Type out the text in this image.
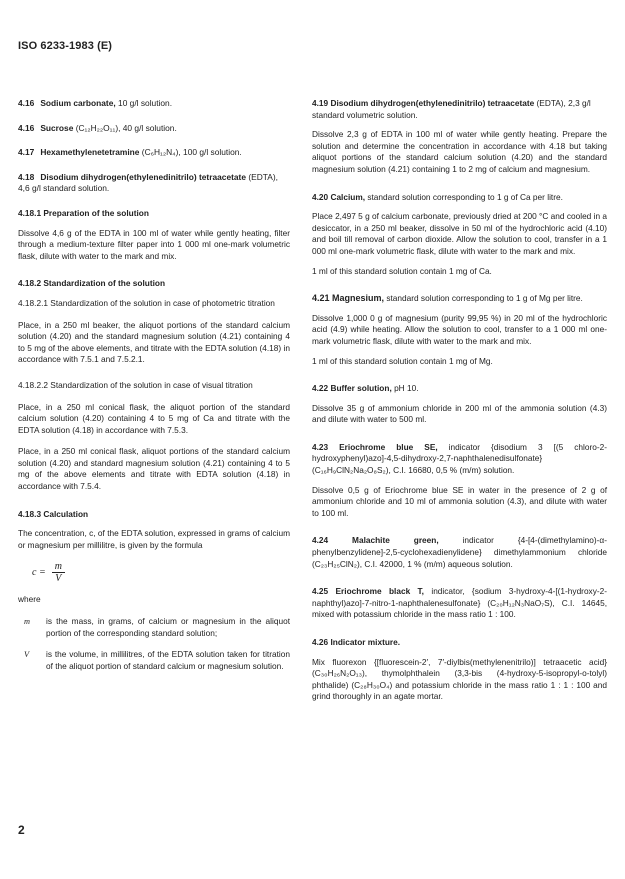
ISO 6233-1983 (E)
4.16 Sodium carbonate, 10 g/l solution.
4.16 Sucrose (C₁₂H₂₂O₁₁), 40 g/l solution.
4.17 Hexamethylenetetramine (C₆H₁₂N₄), 100 g/l solution.
4.18 Disodium dihydrogen(ethylenedinitrilo) tetraacetate (EDTA), 4,6 g/l standard solution.
4.18.1 Preparation of the solution
Dissolve 4,6 g of the EDTA in 100 ml of water while gently heating, filter through a medium-texture filter paper into 1 000 ml one-mark volumetric flask, dilute with water to the mark and mix.
4.18.2 Standardization of the solution
4.18.2.1 Standardization of the solution in case of photometric titration
Place, in a 250 ml beaker, the aliquot portions of the standard calcium solution (4.20) and the standard magnesium solution (4.21) containing 4 to 5 mg of the above elements, and titrate with the EDTA solution (4.18) in accordance with 7.5.1 and 7.5.2.1.
4.18.2.2 Standardization of the solution in case of visual titration
Place, in a 250 ml conical flask, the aliquot portion of the standard calcium solution (4.20) containing 4 to 5 mg of Ca and titrate with the EDTA solution (4.18) in accordance with 7.5.3.
Place, in a 250 ml conical flask, aliquot portions of the standard calcium solution (4.20) and standard magnesium solution (4.21) containing 4 to 5 mg of the above elements and titrate with EDTA solution (4.18) in accordance with 7.5.4.
4.18.3 Calculation
The concentration, c, of the EDTA solution, expressed in grams of calcium or magnesium per millilitre, is given by the formula
$c = \frac{m}{V}$
where
m	is the mass, in grams, of calcium or magnesium in the aliquot portion of the corresponding standard solution;
V	is the volume, in millilitres, of the EDTA solution taken for titration of the aliquot portion of standard calcium or magnesium solution.
4.19 Disodium dihydrogen(ethylenedinitrilo) tetraacetate (EDTA), 2,3 g/l standard volumetric solution.
Dissolve 2,3 g of EDTA in 100 ml of water while gently heating. Prepare the solution and determine the concentration in accordance with 4.18 but taking aliquot portions of the standard calcium solution (4.20) and the standard magnesium solution (4.21) containing 1 to 2 mg of calcium and magnesium.
4.20 Calcium, standard solution corresponding to 1 g of Ca per litre.
Place 2,497 5 g of calcium carbonate, previously dried at 200 °C and cooled in a desiccator, in a 250 ml beaker, dissolve in 50 ml of the hydrochloric acid (4.10) and boil till removal of carbon dioxide. Allow the solution to cool, transfer in a 1 000 ml one-mark volumetric flask, dilute with water to the mark and mix.
1 ml of this standard solution contain 1 mg of Ca.
4.21 Magnesium, standard solution corresponding to 1 g of Mg per litre.
Dissolve 1,000 0 g of magnesium (purity 99,95 %) in 20 ml of the hydrochloric acid (4.9) while heating. Allow the solution to cool, transfer to a 1 000 ml one-mark volumetric flask, dilute with water to the mark and mix.
1 ml of this standard solution contain 1 mg of Mg.
4.22 Buffer solution, pH 10.
Dissolve 35 g of ammonium chloride in 200 ml of the ammonia solution (4.3) and dilute with water to 500 ml.
4.23 Eriochrome blue SE, indicator {disodium 3 [(5 chloro-2-hydroxyphenyl)azo]-4,5-dihydroxy-2,7-naphthalenedisulfonate} (C₁₆H₉ClN₂Na₂O₈S₂), C.I. 16680, 0,5 % (m/m) solution.
Dissolve 0,5 g of Eriochrome blue SE in water in the presence of 2 g of ammonium chloride and 10 ml of ammonia solution (4.3), and dilute with water to 100 ml.
4.24 Malachite green, indicator {4-[4-(dimethylamino)-α-phenylbenzylidene]-2,5-cyclohexadienylidene} dimethylammonium chloride (C₂₃H₂₅ClN₂), C.I. 42000, 1 % (m/m) aqueous solution.
4.25 Eriochrome black T, indicator, {sodium 3-hydroxy-4-[(1-hydroxy-2-naphthyl)azo]-7-nitro-1-naphthalenesulfonate} (C₂₀H₁₂N₃NaO₇S), C.I. 14645, mixed with potassium chloride in the mass ratio 1 : 100.
4.26 Indicator mixture.
Mix fluorexon {[fluorescein-2′, 7′-diylbis(methylenenitrilo)] tetraacetic acid} (C₃₀H₂₆N₂O₁₃), thymolphthalein (3,3-bis (4-hydroxy-5-isopropyl-o-tolyl) phthalide) (C₂₈H₃₀O₄) and potassium chloride in the mass ratio 1 : 1 : 100 and grind thoroughly in an agate mortar.
2
